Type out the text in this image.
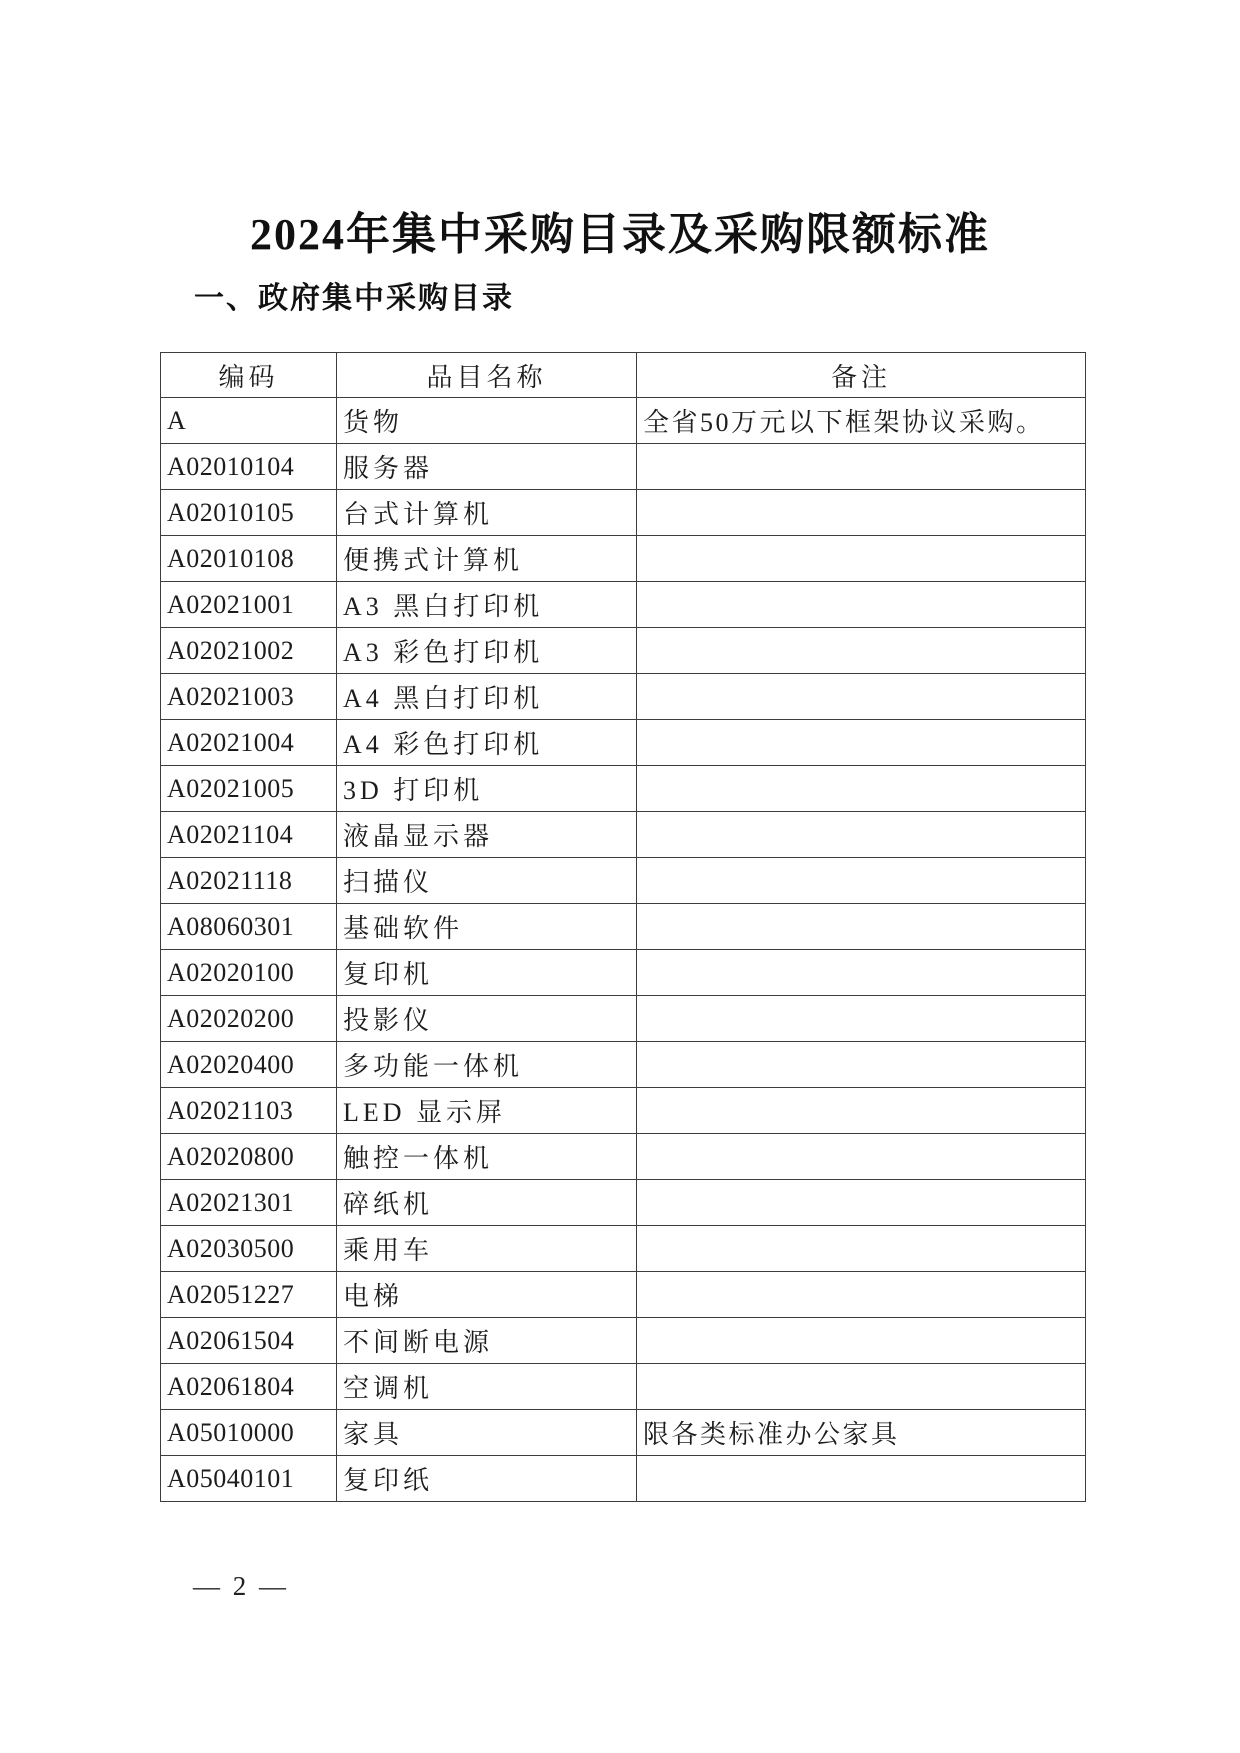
2024年集中采购目录及采购限额标准
一、政府集中采购目录
编码	品目名称	备注
A	货物	全省50万元以下框架协议采购。
A02010104	服务器	
A02010105	台式计算机	
A02010108	便携式计算机	
A02021001	A3 黑白打印机	
A02021002	A3 彩色打印机	
A02021003	A4 黑白打印机	
A02021004	A4 彩色打印机	
A02021005	3D 打印机	
A02021104	液晶显示器	
A02021118	扫描仪	
A08060301	基础软件	
A02020100	复印机	
A02020200	投影仪	
A02020400	多功能一体机	
A02021103	LED 显示屏	
A02020800	触控一体机	
A02021301	碎纸机	
A02030500	乘用车	
A02051227	电梯	
A02061504	不间断电源	
A02061804	空调机	
A05010000	家具	限各类标准办公家具
A05040101	复印纸	
— 2 —
